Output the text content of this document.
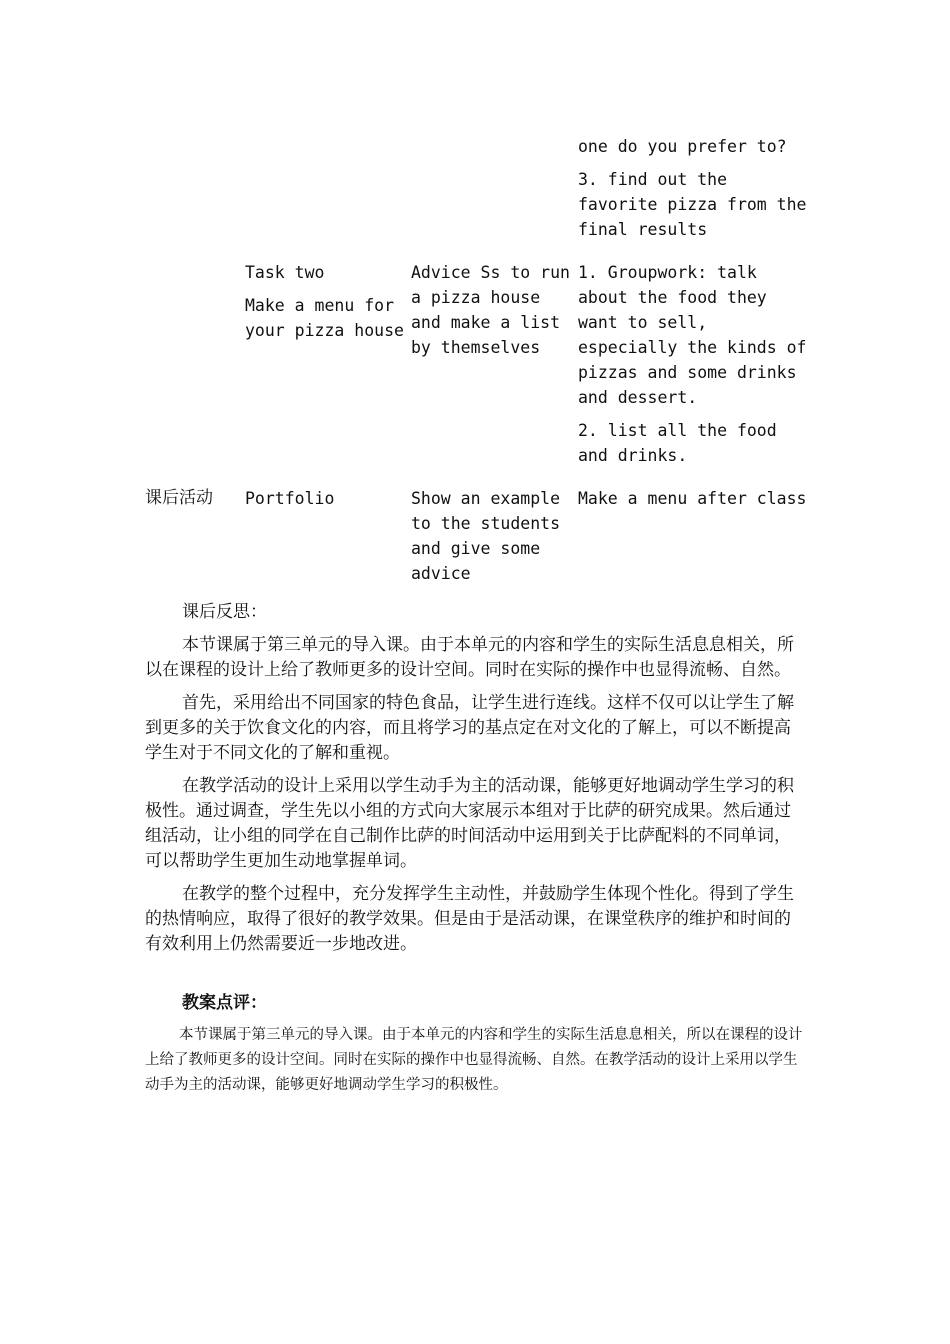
one do you prefer to?

3. find out the favorite pizza from the final results

Task two

Make a menu for your pizza house

Advice Ss to run a pizza house and make a list by themselves

1. Groupwork: talk about the food they want to sell, especially the kinds of pizzas and some drinks and dessert.

2. list all the food and drinks.

课后活动	Portfolio	Show an example to the students and give some advice

Make a menu after class

课后反思：

本节课属于第三单元的导入课。由于本单元的内容和学生的实际生活息息相关，所以在课程的设计上给了教师更多的设计空间。同时在实际的操作中也显得流畅、自然。

首先，采用给出不同国家的特色食品，让学生进行连线。这样不仅可以让学生了解到更多的关于饮食文化的内容，而且将学习的基点定在对文化的了解上，可以不断提高学生对于不同文化的了解和重视。

在教学活动的设计上采用以学生动手为主的活动课，能够更好地调动学生学习的积极性。通过调查，学生先以小组的方式向大家展示本组对于比萨的研究成果。然后通过组活动，让小组的同学在自己制作比萨的时间活动中运用到关于比萨配料的不同单词，可以帮助学生更加生动地掌握单词。

在教学的整个过程中，充分发挥学生主动性，并鼓励学生体现个性化。得到了学生的热情响应，取得了很好的教学效果。但是由于是活动课，在课堂秩序的维护和时间的有效利用上仍然需要近一步地改进。

教案点评：

本节课属于第三单元的导入课。由于本单元的内容和学生的实际生活息息相关，所以在课程的设计上给了教师更多的设计空间。同时在实际的操作中也显得流畅、自然。在教学活动的设计上采用以学生动手为主的活动课，能够更好地调动学生学习的积极性。
